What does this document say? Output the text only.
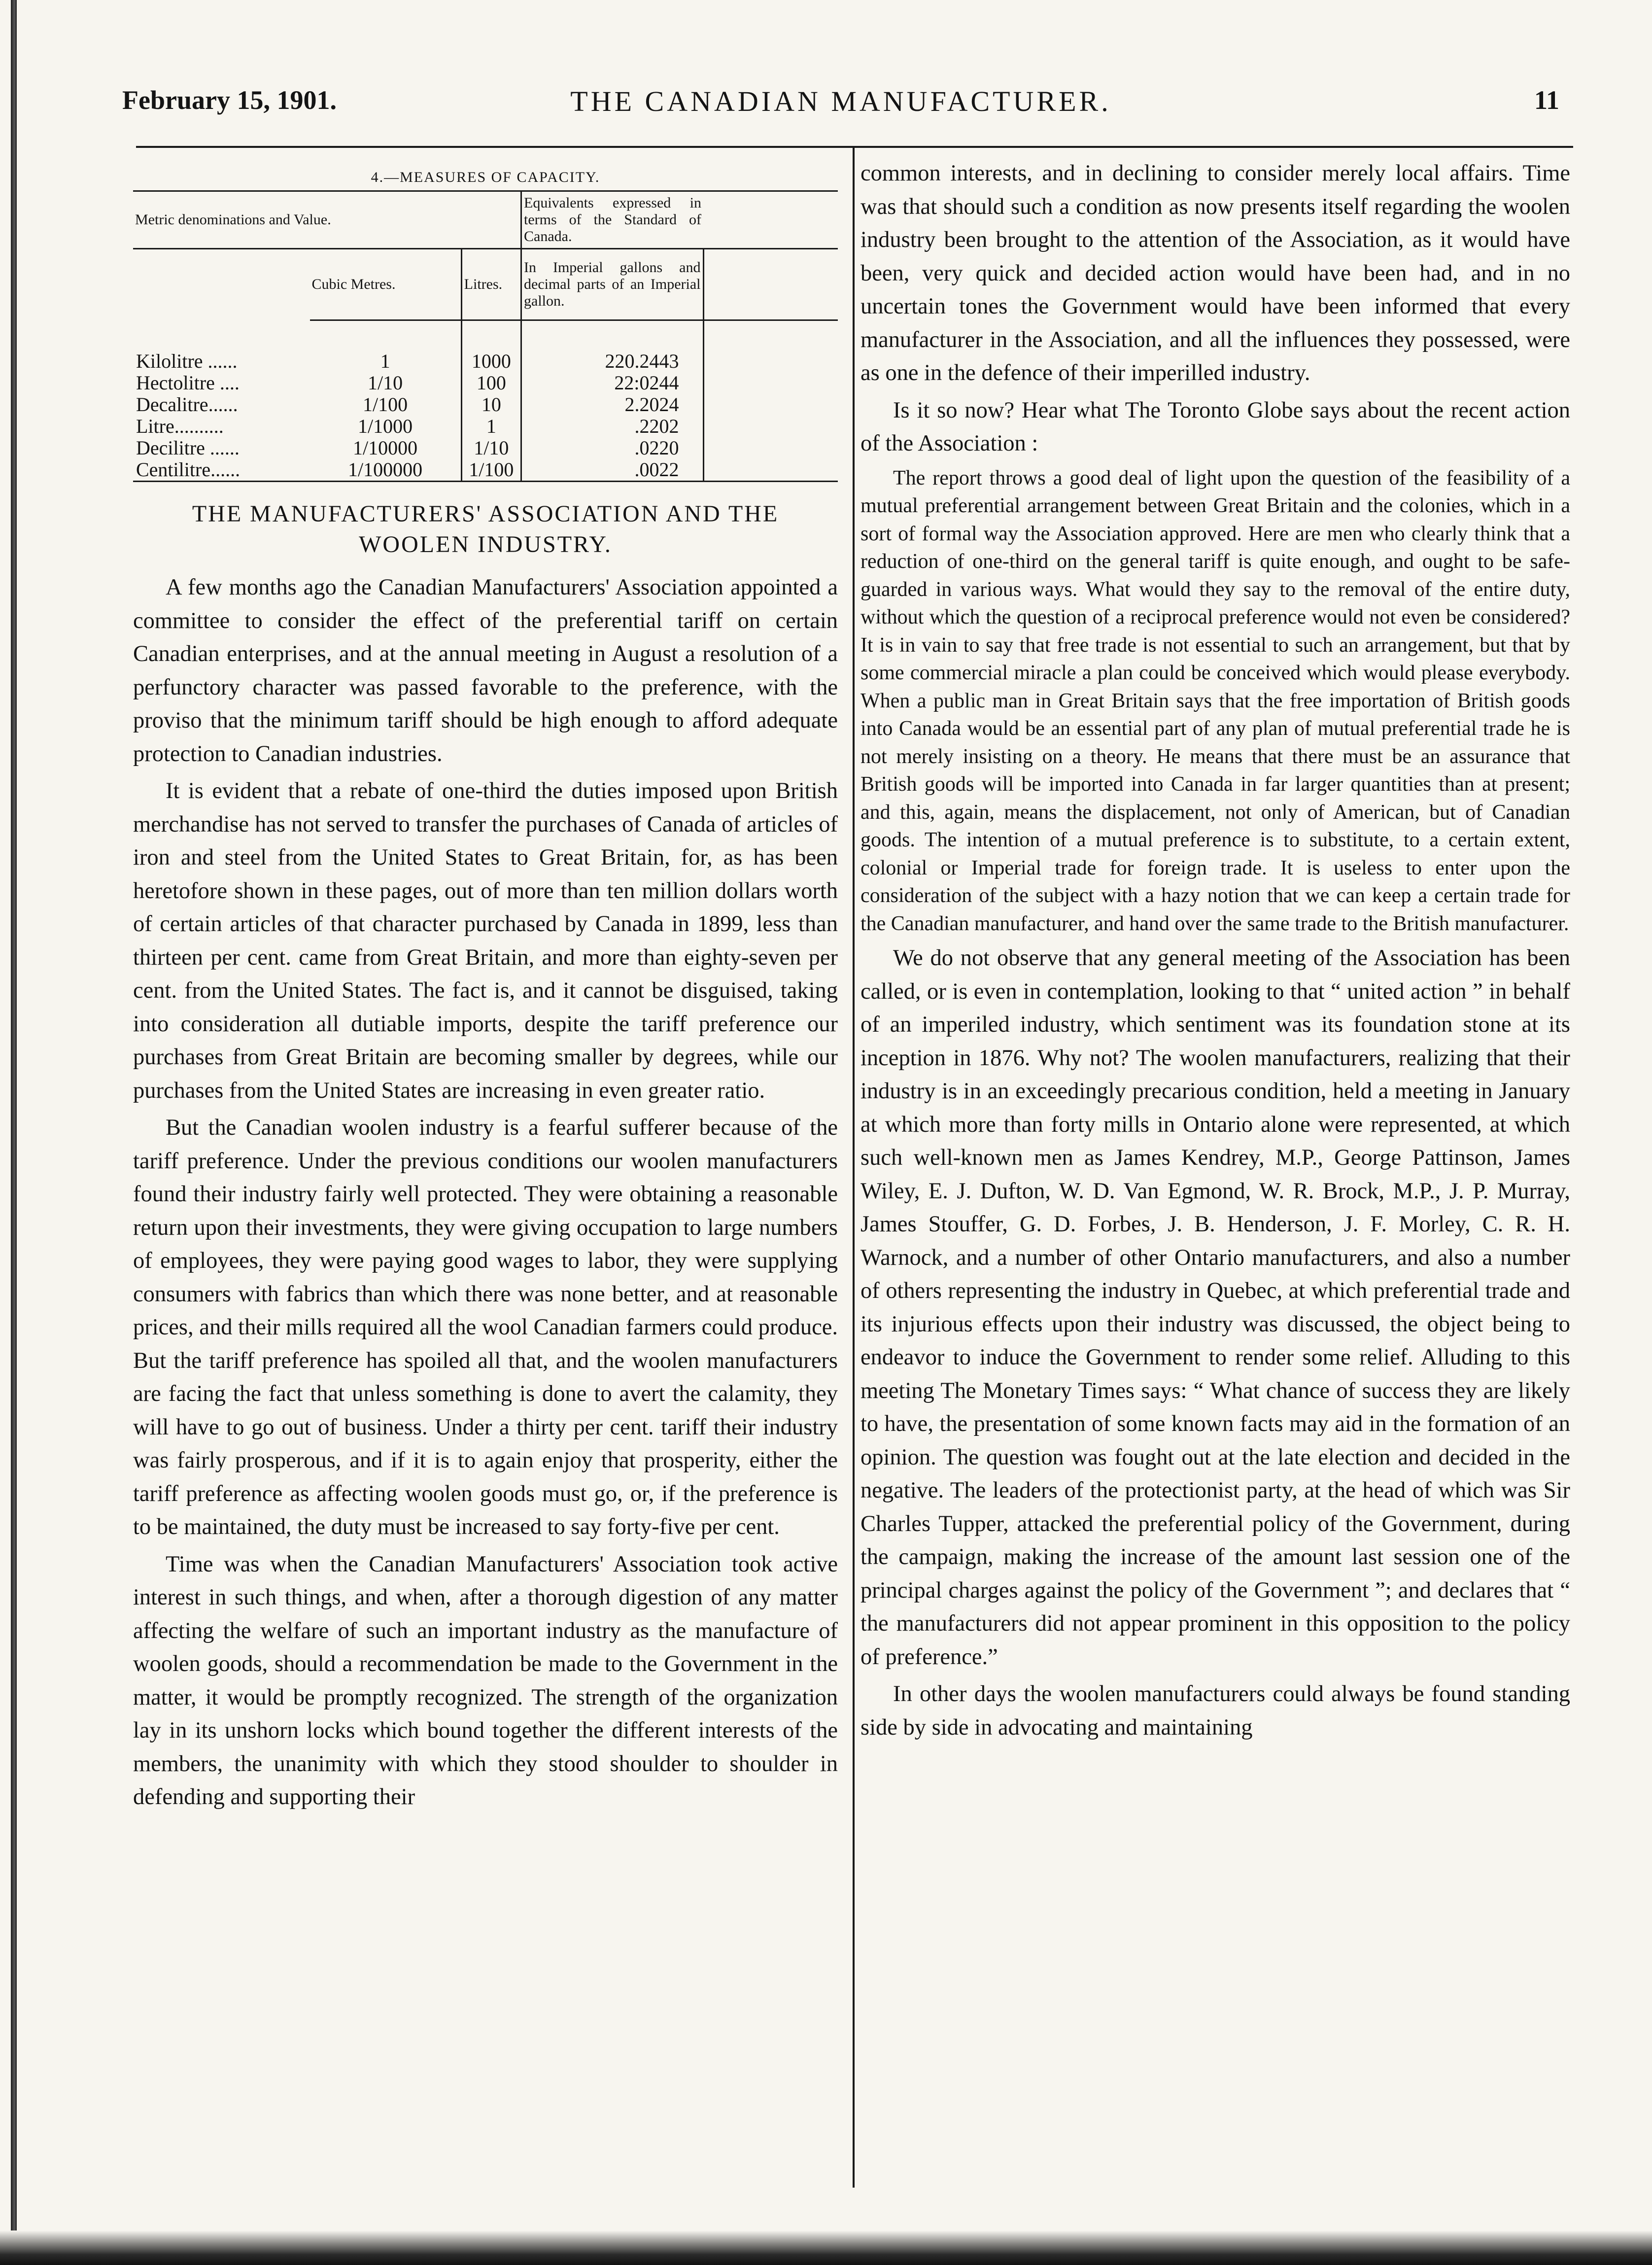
February 15, 1901.	THE CANADIAN MANUFACTURER.	11
4.—MEASURES OF CAPACITY.
Metric denominations and Value.			Equivalents expressed in terms of the Standard of Canada.	
	Cubic Metres.	Litres.	In Imperial gallons and decimal parts of an Imperial gallon.	

Kilolitre ......	1	1000	220.2443	
Hectolitre ....	1/10	100	22:0244	
Decalitre......	1/100	10	2.2024	
Litre..........	1/1000	1	.2202	
Decilitre ......	1/10000	1/10	.0220	
Centilitre......	1/100000	1/100	.0022	
THE MANUFACTURERS' ASSOCIATION AND THE
WOOLEN INDUSTRY.

A few months ago the Canadian Manufacturers' Association appointed a committee to consider the effect of the preferential tariff on certain Canadian enterprises, and at the annual meeting in August a resolution of a perfunctory character was passed favorable to the preference, with the proviso that the minimum tariff should be high enough to afford adequate protection to Canadian industries.

It is evident that a rebate of one-third the duties imposed upon British merchandise has not served to transfer the purchases of Canada of articles of iron and steel from the United States to Great Britain, for, as has been heretofore shown in these pages, out of more than ten million dollars worth of certain articles of that character purchased by Canada in 1899, less than thirteen per cent. came from Great Britain, and more than eighty-seven per cent. from the United States. The fact is, and it cannot be disguised, taking into consideration all dutiable imports, despite the tariff preference our purchases from Great Britain are becoming smaller by degrees, while our purchases from the United States are increasing in even greater ratio.

But the Canadian woolen industry is a fearful sufferer because of the tariff preference. Under the previous conditions our woolen manufacturers found their industry fairly well protected. They were obtaining a reasonable return upon their investments, they were giving occupation to large numbers of employees, they were paying good wages to labor, they were supplying consumers with fabrics than which there was none better, and at reasonable prices, and their mills required all the wool Canadian farmers could produce. But the tariff preference has spoiled all that, and the woolen manufacturers are facing the fact that unless something is done to avert the calamity, they will have to go out of business. Under a thirty per cent. tariff their industry was fairly prosperous, and if it is to again enjoy that prosperity, either the tariff preference as affecting woolen goods must go, or, if the preference is to be maintained, the duty must be increased to say forty-five per cent.

Time was when the Canadian Manufacturers' Association took active interest in such things, and when, after a thorough digestion of any matter affecting the welfare of such an important industry as the manufacture of woolen goods, should a recommendation be made to the Government in the matter, it would be promptly recognized. The strength of the organization lay in its unshorn locks which bound together the different interests of the members, the unanimity with which they stood shoulder to shoulder in defending and supporting their

common interests, and in declining to consider merely local affairs. Time was that should such a condition as now presents itself regarding the woolen industry been brought to the attention of the Association, as it would have been, very quick and decided action would have been had, and in no uncertain tones the Government would have been informed that every manufacturer in the Association, and all the influences they possessed, were as one in the defence of their imperilled industry.

Is it so now? Hear what The Toronto Globe says about the recent action of the Association :

The report throws a good deal of light upon the question of the feasibility of a mutual preferential arrangement between Great Britain and the colonies, which in a sort of formal way the Association approved. Here are men who clearly think that a reduction of one-third on the general tariff is quite enough, and ought to be safe-guarded in various ways. What would they say to the removal of the entire duty, without which the question of a reciprocal preference would not even be considered? It is in vain to say that free trade is not essential to such an arrangement, but that by some commercial miracle a plan could be conceived which would please everybody. When a public man in Great Britain says that the free importation of British goods into Canada would be an essential part of any plan of mutual preferential trade he is not merely insisting on a theory. He means that there must be an assurance that British goods will be imported into Canada in far larger quantities than at present; and this, again, means the displacement, not only of American, but of Canadian goods. The intention of a mutual preference is to substitute, to a certain extent, colonial or Imperial trade for foreign trade. It is useless to enter upon the consideration of the subject with a hazy notion that we can keep a certain trade for the Canadian manufacturer, and hand over the same trade to the British manufacturer.

We do not observe that any general meeting of the Association has been called, or is even in contemplation, looking to that “ united action ” in behalf of an imperiled industry, which sentiment was its foundation stone at its inception in 1876. Why not? The woolen manufacturers, realizing that their industry is in an exceedingly precarious condition, held a meeting in January at which more than forty mills in Ontario alone were represented, at which such well-known men as James Kendrey, M.P., George Pattinson, James Wiley, E. J. Dufton, W. D. Van Egmond, W. R. Brock, M.P., J. P. Murray, James Stouffer, G. D. Forbes, J. B. Henderson, J. F. Morley, C. R. H. Warnock, and a number of other Ontario manufacturers, and also a number of others representing the industry in Quebec, at which preferential trade and its injurious effects upon their industry was discussed, the object being to endeavor to induce the Government to render some relief. Alluding to this meeting The Monetary Times says: “ What chance of success they are likely to have, the presentation of some known facts may aid in the formation of an opinion. The question was fought out at the late election and decided in the negative. The leaders of the protectionist party, at the head of which was Sir Charles Tupper, attacked the preferential policy of the Government, during the campaign, making the increase of the amount last session one of the principal charges against the policy of the Government ”; and declares that “ the manufacturers did not appear prominent in this opposition to the policy of preference.”

In other days the woolen manufacturers could always be found standing side by side in advocating and maintaining
